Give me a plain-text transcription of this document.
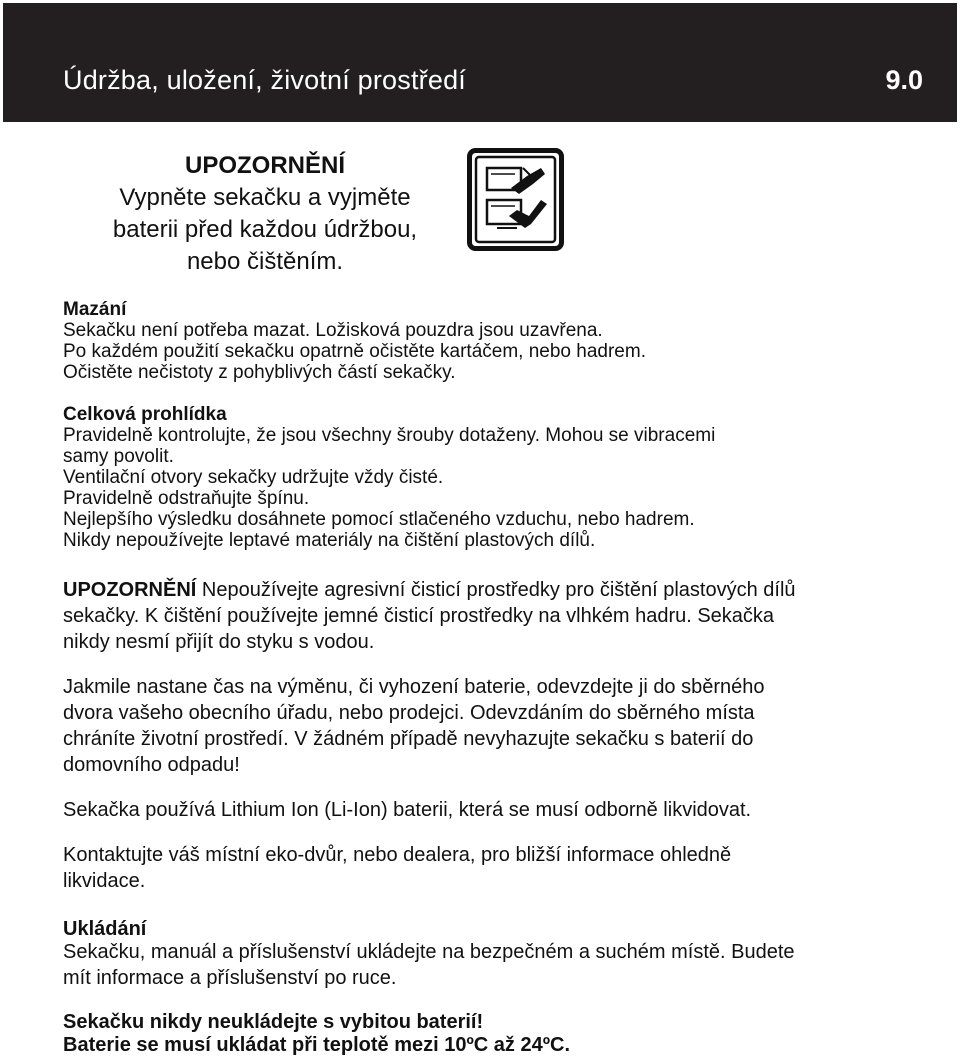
Údržba, uložení, životní prostředí	9.0
UPOZORNĚNÍ
Vypněte sekačku a vyjměte
baterii před každou údržbou,
nebo čištěním.
Mazání
Sekačku není potřeba mazat. Ložisková pouzdra jsou uzavřena.
Po každém použití sekačku opatrně očistěte kartáčem, nebo hadrem.
Očistěte nečistoty z pohyblivých částí sekačky.
Celková prohlídka
Pravidelně kontrolujte, že jsou všechny šrouby dotaženy. Mohou se vibracemi
samy povolit.
Ventilační otvory sekačky udržujte vždy čisté.
Pravidelně odstraňujte špínu.
Nejlepšího výsledku dosáhnete pomocí stlačeného vzduchu, nebo hadrem.
Nikdy nepoužívejte leptavé materiály na čištění plastových dílů.
UPOZORNĚNÍ Nepoužívejte agresivní čisticí prostředky pro čištění plastových dílů
sekačky. K čištění používejte jemné čisticí prostředky na vlhkém hadru. Sekačka
nikdy nesmí přijít do styku s vodou.
Jakmile nastane čas na výměnu, či vyhození baterie, odevzdejte ji do sběrného
dvora vašeho obecního úřadu, nebo prodejci. Odevzdáním do sběrného místa
chráníte životní prostředí. V žádném případě nevyhazujte sekačku s baterií do
domovního odpadu!
Sekačka používá Lithium Ion (Li-Ion) baterii, která se musí odborně likvidovat.
Kontaktujte váš místní eko-dvůr, nebo dealera, pro bližší informace ohledně
likvidace.
Ukládání
Sekačku, manuál a příslušenství ukládejte na bezpečném a suchém místě. Budete
mít informace a příslušenství po ruce.
Sekačku nikdy neukládejte s vybitou baterií!
Baterie se musí ukládat při teplotě mezi 10ºC až 24ºC.
